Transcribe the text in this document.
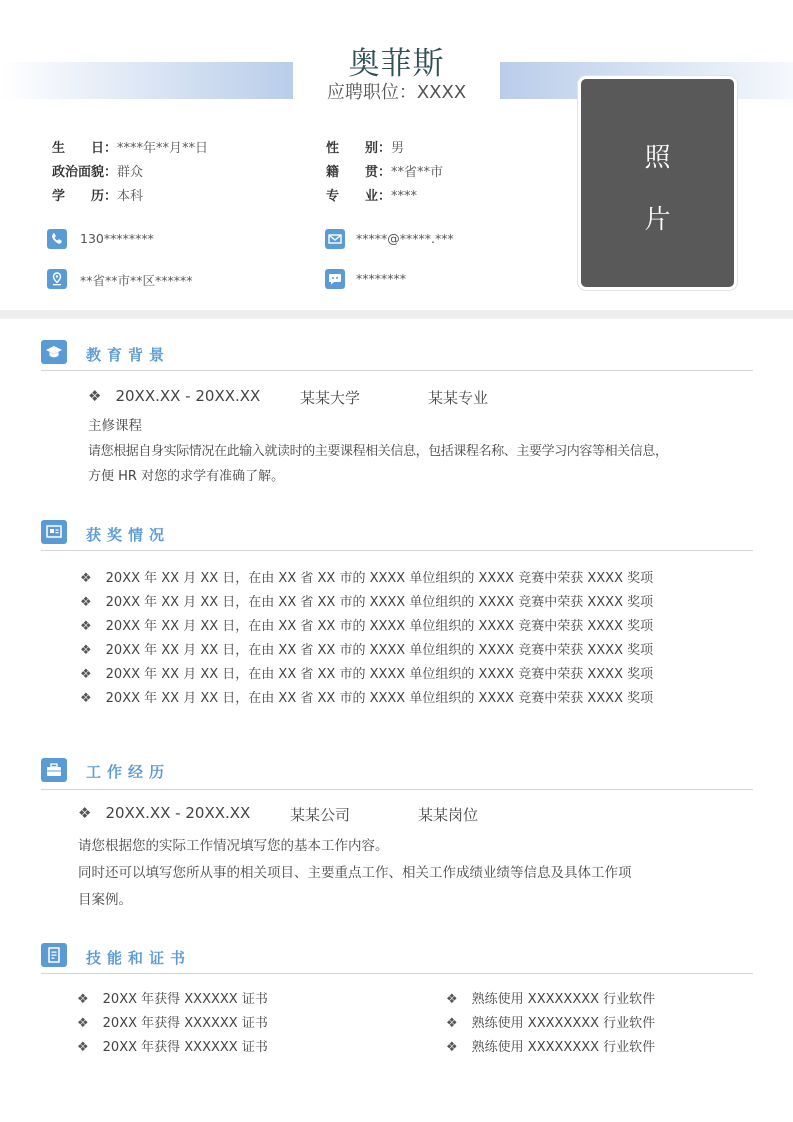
奥菲斯
应聘职位：XXXX
照
片
生　　日：****年**月**日	性　　别：男
政治面貌：群众	籍　　贯：**省**市
学　　历：本科	专　　业：****
130********	*****@*****.***
**省**市**区******	********
教育背景
❖ 20XX.XX - 20XX.XX	某某大学	某某专业
主修课程
请您根据自身实际情况在此输入就读时的主要课程相关信息，包括课程名称、主要学习内容等相关信息，
方便 HR 对您的求学有准确了解。
获奖情况
❖ 20XX 年 XX 月 XX 日，在由 XX 省 XX 市的 XXXX 单位组织的 XXXX 竞赛中荣获 XXXX 奖项
❖ 20XX 年 XX 月 XX 日，在由 XX 省 XX 市的 XXXX 单位组织的 XXXX 竞赛中荣获 XXXX 奖项
❖ 20XX 年 XX 月 XX 日，在由 XX 省 XX 市的 XXXX 单位组织的 XXXX 竞赛中荣获 XXXX 奖项
❖ 20XX 年 XX 月 XX 日，在由 XX 省 XX 市的 XXXX 单位组织的 XXXX 竞赛中荣获 XXXX 奖项
❖ 20XX 年 XX 月 XX 日，在由 XX 省 XX 市的 XXXX 单位组织的 XXXX 竞赛中荣获 XXXX 奖项
❖ 20XX 年 XX 月 XX 日，在由 XX 省 XX 市的 XXXX 单位组织的 XXXX 竞赛中荣获 XXXX 奖项
工作经历
❖ 20XX.XX - 20XX.XX	某某公司	某某岗位
请您根据您的实际工作情况填写您的基本工作内容。
同时还可以填写您所从事的相关项目、主要重点工作、相关工作成绩业绩等信息及具体工作项
目案例。
技能和证书
❖ 20XX 年获得 XXXXXX 证书
❖ 20XX 年获得 XXXXXX 证书
❖ 20XX 年获得 XXXXXX 证书
❖ 熟练使用 XXXXXXXX 行业软件
❖ 熟练使用 XXXXXXXX 行业软件
❖ 熟练使用 XXXXXXXX 行业软件
